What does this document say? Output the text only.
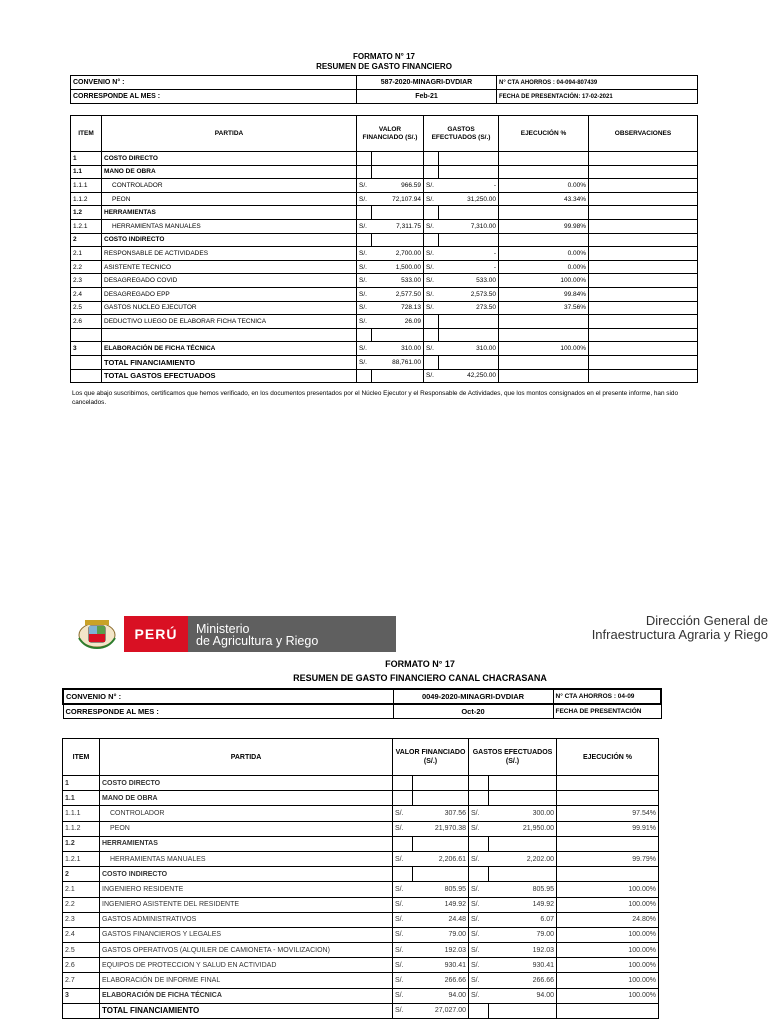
FORMATO N° 17
RESUMEN DE GASTO FINANCIERO
CONVENIO N° :	587-2020-MINAGRI-DVDIAR	N° CTA AHORROS : 04-094-807439
CORRESPONDE AL MES :	Feb-21	FECHA DE PRESENTACIÓN: 17-02-2021
ITEM	PARTIDA	VALOR FINANCIADO (S/.)		GASTOS EFECTUADOS (S/.)		EJECUCIÓN %	OBSERVACIONES
1	COSTO DIRECTO						
1.1	MANO DE OBRA						
1.1.1	CONTROLADOR	S/.	966.59	S/.	-	0.00%	
1.1.2	PEON	S/.	72,107.94	S/.	31,250.00	43.34%	
1.2	HERRAMIENTAS						
1.2.1	HERRAMIENTAS MANUALES	S/.	7,311.75	S/.	7,310.00	99.98%	
2	COSTO INDIRECTO						
2.1	RESPONSABLE DE ACTIVIDADES	S/.	2,700.00	S/.	-	0.00%	
2.2	ASISTENTE TECNICO	S/.	1,500.00	S/.	-	0.00%	
2.3	DESAGREGADO COVID	S/.	533.00	S/.	533.00	100.00%	
2.4	DESAGREGADO EPP	S/.	2,577.50	S/.	2,573.50	99.84%	
2.5	GASTOS NUCLEO EJECUTOR	S/.	728.13	S/.	273.50	37.56%	
2.6	DEDUCTIVO LUEGO DE ELABORAR FICHA TECNICA	S/.	26.09				

3	ELABORACIÓN DE FICHA TÉCNICA	S/.	310.00	S/.	310.00	100.00%	
	TOTAL FINANCIAMIENTO	S/.	88,761.00				
	TOTAL GASTOS EFECTUADOS			S/.	42,250.00		
Los que abajo suscribimos, certificamos que hemos verificado, en los documentos presentados por el Núcleo Ejecutor y el Responsable de Actividades, que los montos consignados en el presente informe, han sido cancelados.
PERÚ	Ministerio
de Agricultura y Riego
Dirección General de
Infraestructura Agraria y Riego
FORMATO N° 17
RESUMEN DE GASTO FINANCIERO CANAL CHACRASANA
CONVENIO N° :	0049-2020-MINAGRI-DVDIAR	N° CTA AHORROS : 04-09
CORRESPONDE AL MES :	Oct-20	FECHA DE PRESENTACIÓN
ITEM	PARTIDA	VALOR FINANCIADO (S/.)		GASTOS EFECTUADOS (S/.)		EJECUCIÓN %
1	COSTO DIRECTO					
1.1	MANO DE OBRA					
1.1.1	CONTROLADOR	S/.	307.56	S/.	300.00	97.54%
1.1.2	PEON	S/.	21,970.38	S/.	21,950.00	99.91%
1.2	HERRAMIENTAS					
1.2.1	HERRAMIENTAS MANUALES	S/.	2,206.61	S/.	2,202.00	99.79%
2	COSTO INDIRECTO					
2.1	INGENIERO RESIDENTE	S/.	805.95	S/.	805.95	100.00%
2.2	INGENIERO ASISTENTE DEL RESIDENTE	S/.	149.92	S/.	149.92	100.00%
2.3	GASTOS ADMINISTRATIVOS	S/.	24.48	S/.	6.07	24.80%
2.4	GASTOS FINANCIEROS Y LEGALES	S/.	79.00	S/.	79.00	100.00%
2.5	GASTOS OPERATIVOS (ALQUILER DE CAMIONETA - MOVILIZACION)	S/.	192.03	S/.	192.03	100.00%
2.6	EQUIPOS DE PROTECCION Y SALUD EN ACTIVIDAD	S/.	930.41	S/.	930.41	100.00%
2.7	ELABORACIÓN DE INFORME FINAL	S/.	266.66	S/.	266.66	100.00%
3	ELABORACIÓN DE FICHA TÉCNICA	S/.	94.00	S/.	94.00	100.00%
	TOTAL FINANCIAMIENTO	S/.	27,027.00			
